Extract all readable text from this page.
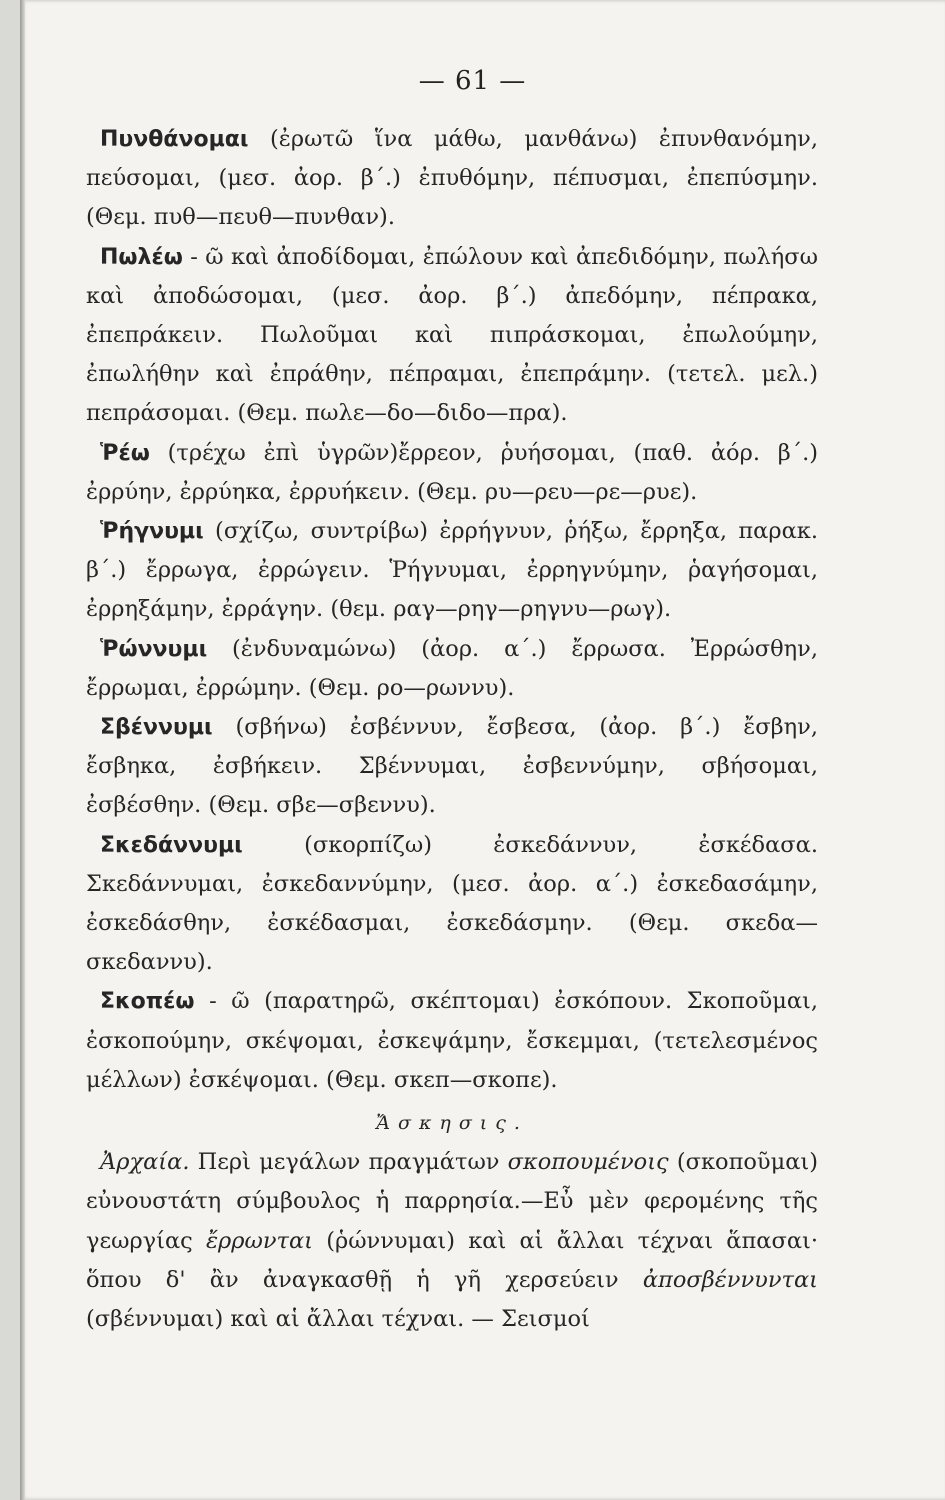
— 61 —

Πυνθάνομαι (ἐρωτῶ ἵνα μάθω, μανθάνω) ἐπυνθανόμην, πεύσομαι, (μεσ. ἀορ. β΄.) ἐπυθόμην, πέπυσμαι, ἐπεπύσμην. (Θεμ. πυθ—πευθ—πυνθαν).

Πωλέω - ῶ καὶ ἀποδίδομαι, ἐπώλουν καὶ ἀπεδιδόμην, πωλήσω καὶ ἀποδώσομαι, (μεσ. ἀορ. β΄.) ἀπεδόμην, πέπρακα, ἐπεπράκειν. Πωλοῦμαι καὶ πιπράσκομαι, ἐπωλούμην, ἐπωλήθην καὶ ἐπράθην, πέπραμαι, ἐπεπράμην. (τετελ. μελ.) πεπράσομαι. (Θεμ. πωλε—δο—διδο—πρα).

Ῥέω (τρέχω ἐπὶ ὑγρῶν)ἔρρεον, ῥυήσομαι, (παθ. ἀόρ. β΄.) ἐρρύην, ἐρρύηκα, ἐρρυήκειν. (Θεμ. ρυ—ρευ—ρε—ρυε).

Ῥήγνυμι (σχίζω, συντρίβω) ἐρρήγνυν, ῥήξω, ἔρρηξα, παρακ. β΄.) ἔρρωγα, ἐρρώγειν. Ῥήγνυμαι, ἐρρηγνύμην, ῥαγήσομαι, ἐρρηξάμην, ἐρράγην. (θεμ. ραγ—ρηγ—ρηγνυ—ρωγ).

Ῥώννυμι (ἐνδυναμώνω) (ἀορ. α΄.) ἔρρωσα. Ἐρρώσθην, ἔρρωμαι, ἐρρώμην. (Θεμ. ρο—ρωννυ).

Σβέννυμι (σβήνω) ἐσβέννυν, ἔσβεσα, (ἀορ. β΄.) ἔσβην, ἔσβηκα, ἐσβήκειν. Σβέννυμαι, ἐσβεννύμην, σβήσομαι, ἐσβέσθην. (Θεμ. σβε—σβεννυ).

Σκεδάννυμι (σκορπίζω) ἐσκεδάννυν, ἐσκέδασα. Σκεδάννυμαι, ἐσκεδαννύμην, (μεσ. ἀορ. α΄.) ἐσκεδασάμην, ἐσκεδάσθην, ἐσκέδασμαι, ἐσκεδάσμην. (Θεμ. σκεδα—σκεδαννυ).

Σκοπέω - ῶ (παρατηρῶ, σκέπτομαι) ἐσκόπουν. Σκοποῦμαι, ἐσκοπούμην, σκέψομαι, ἐσκεψάμην, ἔσκεμμαι, (τετελεσμένος μέλλων) ἐσκέψομαι. (Θεμ. σκεπ—σκοπε).

Ἄσκησις.

Ἀρχαία. Περὶ μεγάλων πραγμάτων σκοπουμένοις (σκοποῦμαι) εὐνουστάτη σύμβουλος ἡ παρρησία.—Εὖ μὲν φερομένης τῆς γεωργίας ἔρρωνται (ῥώννυμαι) καὶ αἱ ἄλλαι τέχναι ἅπασαι· ὅπου δ' ἂν ἀναγκασθῇ ἡ γῆ χερσεύειν ἀποσβέννυνται (σβέννυμαι) καὶ αἱ ἄλλαι τέχναι. — Σεισμοί
